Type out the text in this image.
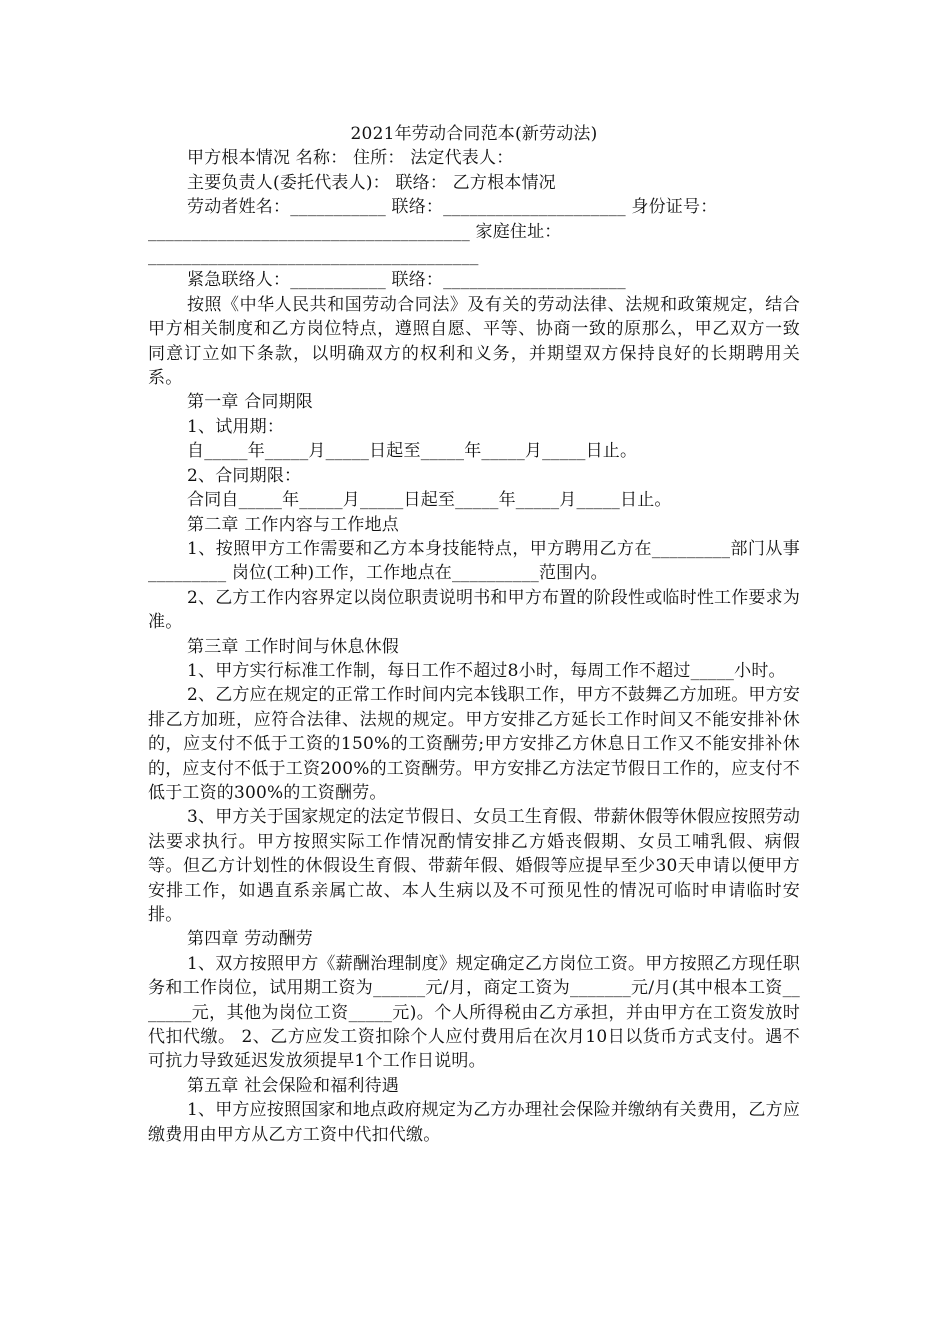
2021年劳动合同范本(新劳动法)

甲方根本情况 名称： 住所： 法定代表人：

主要负责人(委托代表人)： 联络： 乙方根本情况

劳动者姓名：___________ 联络：_____________________ 身份证号：

_____________________________________ 家庭住址：

______________________________________

紧急联络人：___________ 联络：_____________________

按照《中华人民共和国劳动合同法》及有关的劳动法律、法规和政策规定，结合甲方相关制度和乙方岗位特点，遵照自愿、平等、协商一致的原那么，甲乙双方一致同意订立如下条款，以明确双方的权利和义务，并期望双方保持良好的长期聘用关系。

第一章 合同期限

1、试用期：

自_____年_____月_____日起至_____年_____月_____日止。

2、合同期限：

合同自_____年_____月_____日起至_____年_____月_____日止。

第二章 工作内容与工作地点

1、按照甲方工作需要和乙方本身技能特点，甲方聘用乙方在_________部门从事_________ 岗位(工种)工作，工作地点在__________范围内。

2、乙方工作内容界定以岗位职责说明书和甲方布置的阶段性或临时性工作要求为准。

第三章 工作时间与休息休假

1、甲方实行标准工作制，每日工作不超过8小时，每周工作不超过_____小时。

2、乙方应在规定的正常工作时间内完本钱职工作，甲方不鼓舞乙方加班。甲方安排乙方加班，应符合法律、法规的规定。甲方安排乙方延长工作时间又不能安排补休的，应支付不低于工资的150%的工资酬劳;甲方安排乙方休息日工作又不能安排补休的，应支付不低于工资200%的工资酬劳。甲方安排乙方法定节假日工作的，应支付不低于工资的300%的工资酬劳。

3、甲方关于国家规定的法定节假日、女员工生育假、带薪休假等休假应按照劳动法要求执行。甲方按照实际工作情况酌情安排乙方婚丧假期、女员工哺乳假、病假等。但乙方计划性的休假设生育假、带薪年假、婚假等应提早至少30天申请以便甲方安排工作，如遇直系亲属亡故、本人生病以及不可预见性的情况可临时申请临时安排。

第四章 劳动酬劳

1、双方按照甲方《薪酬治理制度》规定确定乙方岗位工资。甲方按照乙方现任职务和工作岗位，试用期工资为______元/月，商定工资为_______元/月(其中根本工资_______元，其他为岗位工资_____元)。个人所得税由乙方承担，并由甲方在工资发放时代扣代缴。 2、乙方应发工资扣除个人应付费用后在次月10日以货币方式支付。遇不可抗力导致延迟发放须提早1个工作日说明。

第五章 社会保险和福利待遇

1、甲方应按照国家和地点政府规定为乙方办理社会保险并缴纳有关费用，乙方应缴费用由甲方从乙方工资中代扣代缴。
